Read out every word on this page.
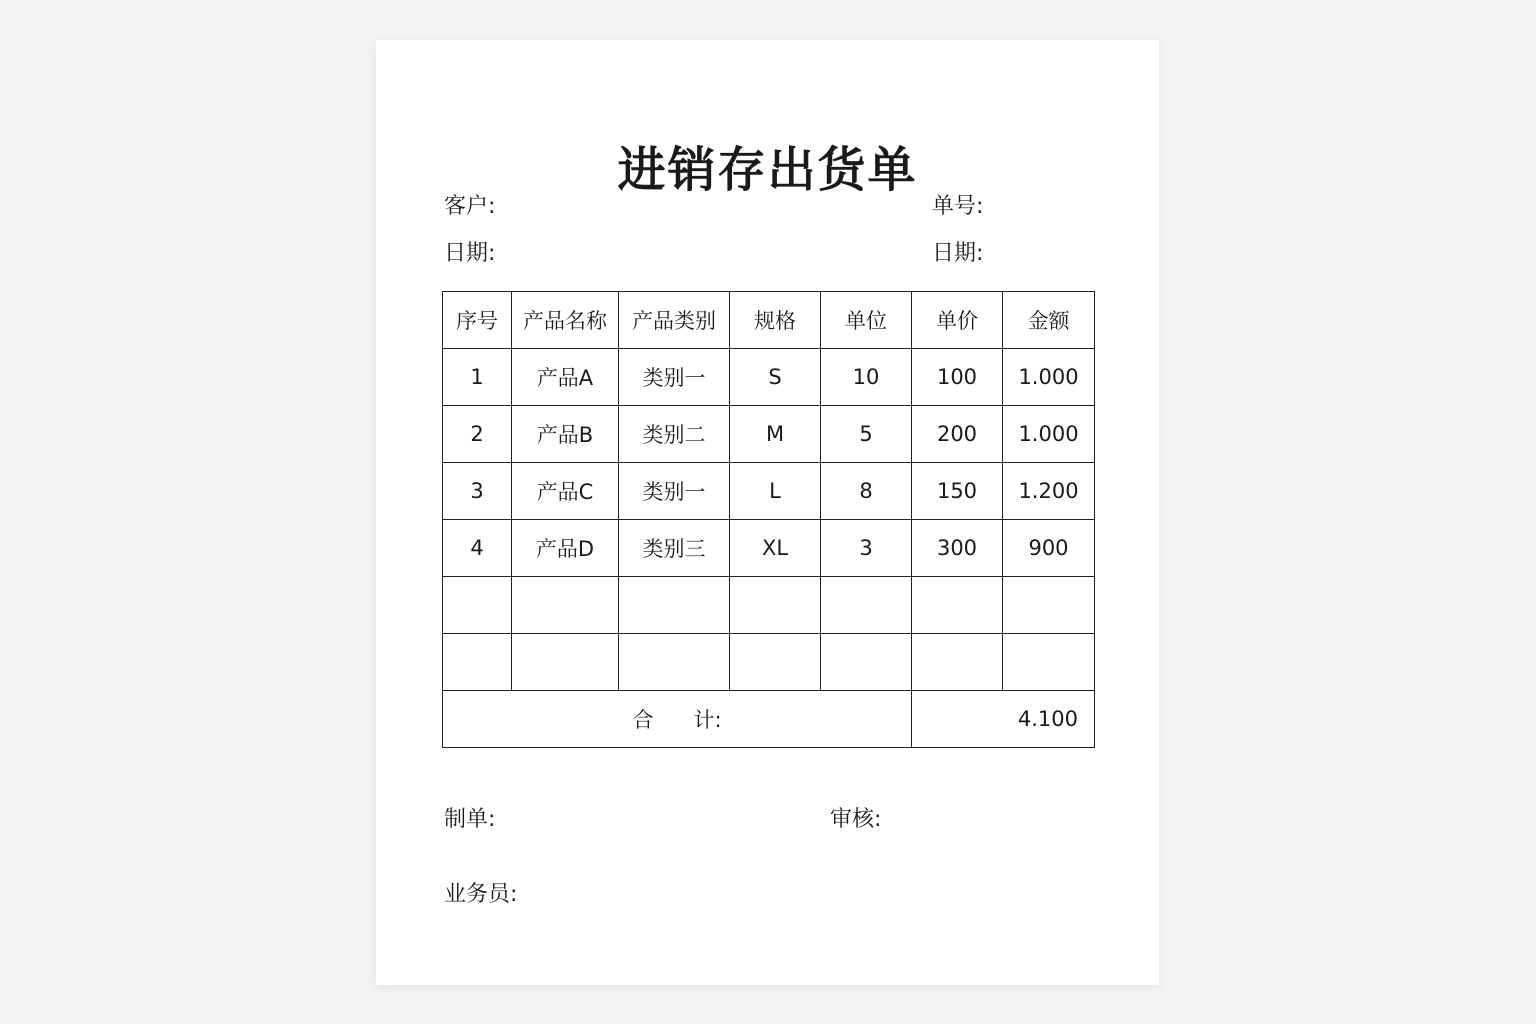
进销存出货单
客户:	单号:
日期:	日期:
序号	产品名称	产品类别	规格	单位	单价	金额
1	产品A	类别一	S	10	100	1.000
2	产品B	类别二	M	5	200	1.000
3	产品C	类别一	L	8	150	1.200
4	产品D	类别三	XL	3	300	900

合 计:					4.100	
制单:	审核:
业务员:
